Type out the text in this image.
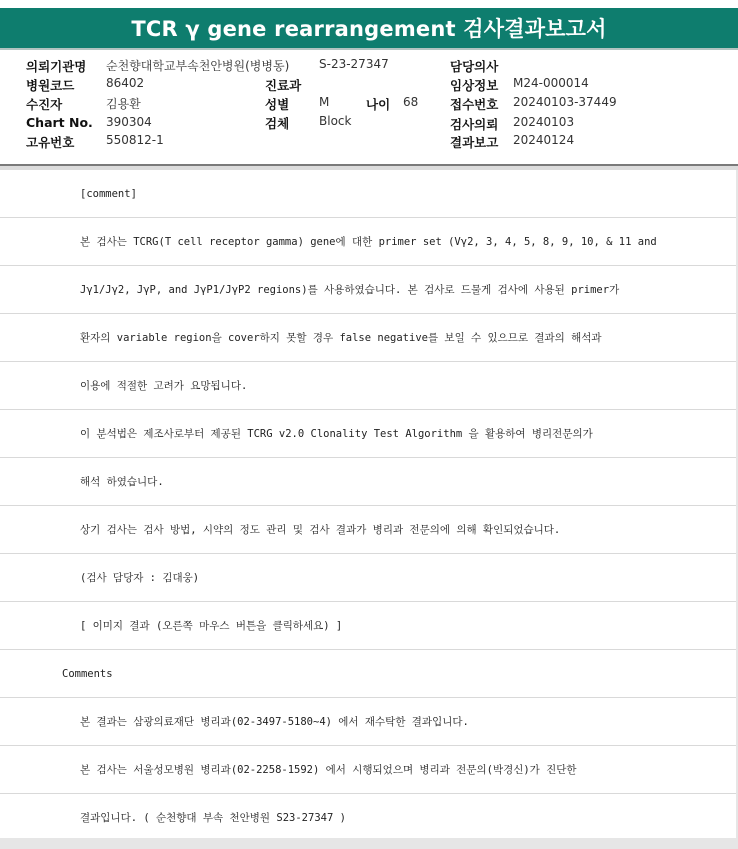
TCR γ gene rearrangement 검사결과보고서
의뢰기관명 순천향대학교부속천안병원(병병동) S-23-27347	담당의사
병원코드	86402	진료과	임상정보 M24-000014
수진자	김용환	성별 M	나이 68	접수번호 20240103-37449
Chart No. 390304	검체 Block	검사의뢰 20240103
고유번호	550812-1	결과보고 20240124
[comment]
본 검사는 TCRG(T cell receptor gamma) gene에 대한 primer set (Vγ2, 3, 4, 5, 8, 9, 10, & 11 and
Jγ1/Jγ2, JγP, and JγP1/JγP2 regions)를 사용하였습니다. 본 검사로 드물게 검사에 사용된 primer가
환자의 variable region을 cover하지 못할 경우 false negative를 보일 수 있으므로 결과의 해석과
이용에 적절한 고려가 요망됩니다.
이 분석법은 제조사로부터 제공된 TCRG v2.0 Clonality Test Algorithm 을 활용하여 병리전문의가
해석 하였습니다.
상기 검사는 검사 방법, 시약의 정도 관리 및 검사 결과가 병리과 전문의에 의해 확인되었습니다.
(검사 담당자 : 김대웅)
[ 이미지 결과 (오른쪽 마우스 버튼을 클릭하세요) ]
Comments
본 결과는 삼광의료재단 병리과(02-3497-5180~4) 에서 재수탁한 결과입니다.
본 검사는 서울성모병원 병리과(02-2258-1592) 에서 시행되었으며 병리과 전문의(박경신)가 진단한
결과입니다. ( 순천향대 부속 천안병원 S23-27347 )
